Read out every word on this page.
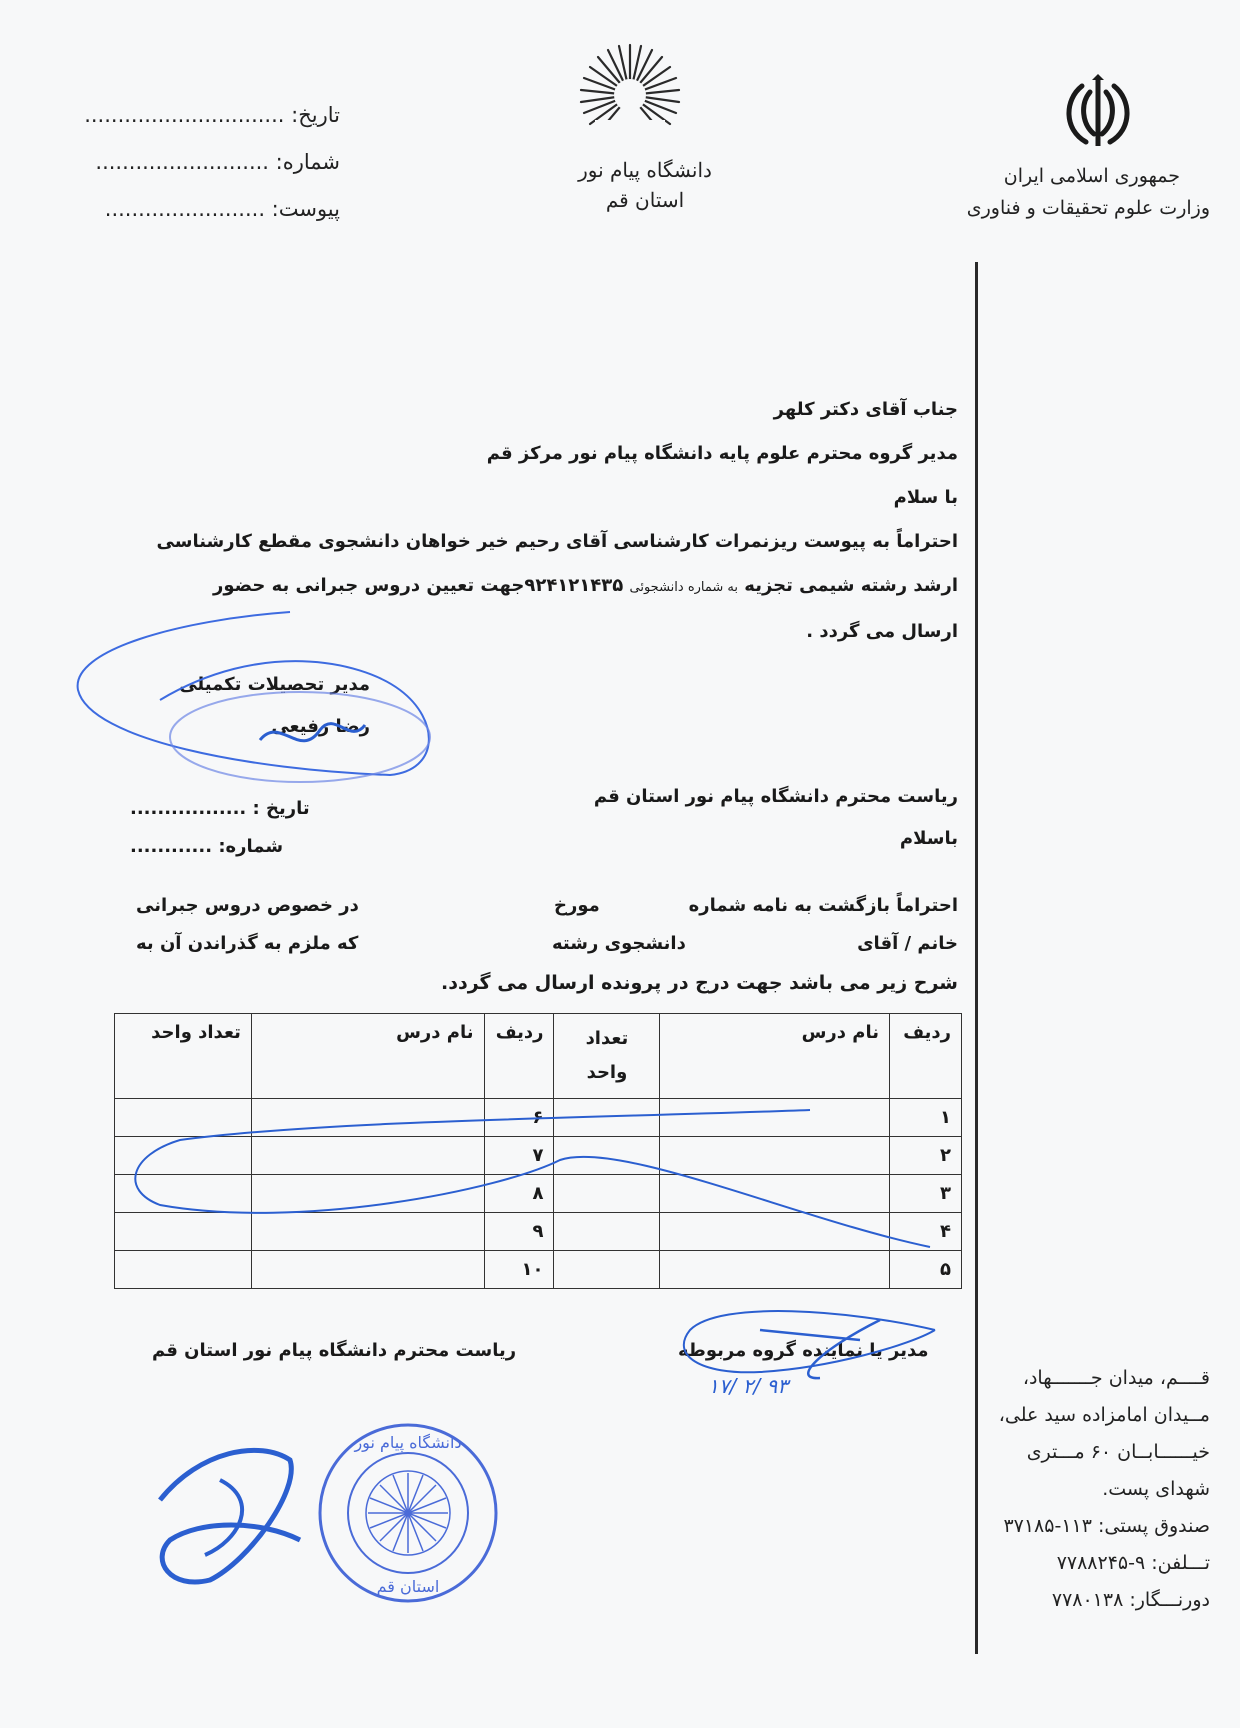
تاریخ: ..............................
شماره: ..........................
پیوست: ........................
دانشگاه پیام نور
استان قم
جمهوری اسلامی ایران
وزارت علوم تحقیقات و فناوری
جناب آقای دکتر کلهر
مدیر گروه محترم علوم پایه دانشگاه پیام نور مرکز قم
با سلام
احتراماً به پیوست ریزنمرات کارشناسی آقای رحیم خیر خواهان دانشجوی مقطع کارشناسی
ارشد رشته شیمی تجزیه به شماره دانشجوئی ۹۲۴۱۲۱۴۳۵جهت تعیین دروس جبرانی به حضور
ارسال می گردد .
مدیر تحصیلات تکمیلی
رضا رفیعی
تاریخ : .................
شماره: ............
ریاست محترم دانشگاه پیام نور استان قم
باسلام
احتراماً بازگشت به نامه شماره
مورخ
در خصوص دروس جبرانی
خانم / آقای
دانشجوی رشته
که ملزم به گذراندن آن به
شرح زیر می باشد جهت درج در پرونده ارسال می گردد.
ردیف	نام درس	تعداد واحد	ردیف	نام درس	تعداد واحد
۱			۶		
۲			۷		
۳			۸		
۴			۹		
۵			۱۰		
ریاست محترم دانشگاه پیام نور استان قم	مدیر یا نماینده گروه مربوطه
۹۳ /۲ /۱۷	قــــم، میدان جـــــــهاد،
مــیدان امامزاده سید علی،
خیــــــابــان ۶۰ مـــتری
شهدای پست.
صندوق پستی: ۱۱۳-۳۷۱۸۵
تـــلفن: ۹-۷۷۸۸۲۴۵
دورنـــگار: ۷۷۸۰۱۳۸
دانشگاه پیام نور
استان قم
